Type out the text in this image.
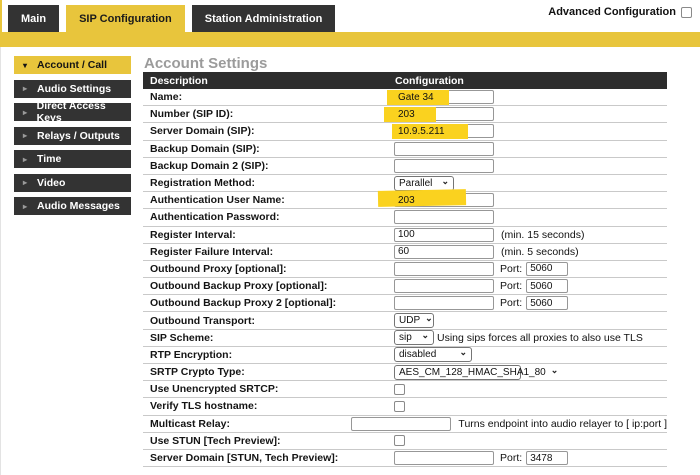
Main	SIP Configuration	Station Administration
Advanced Configuration
▾ Account / Call
▸ Audio Settings
▸ Direct Access Keys
▸ Relays / Outputs
▸ Time
▸ Video
▸ Audio Messages
Account Settings
Description	Configuration
Name:	Gate 34
Number (SIP ID):	203
Server Domain (SIP):	10.9.5.211
Backup Domain (SIP):
Backup Domain 2 (SIP):
Registration Method:	Parallel ⌄
Authentication User Name:	203
Authentication Password:
Register Interval:	100	(min. 15 seconds)
Register Failure Interval:	60	(min. 5 seconds)
Outbound Proxy [optional]:	Port: 5060
Outbound Backup Proxy [optional]:	Port: 5060
Outbound Backup Proxy 2 [optional]:	Port: 5060
Outbound Transport:	UDP ⌄
SIP Scheme:	sip ⌄ Using sips forces all proxies to also use TLS
RTP Encryption:	disabled	⌄
SRTP Crypto Type:	AES_CM_128_HMAC_SHA1_80 ⌄
Use Unencrypted SRTCP:
Verify TLS hostname:
Multicast Relay:	Turns endpoint into audio relayer to [ ip:port ]
Use STUN [Tech Preview]:
Server Domain [STUN, Tech Preview]:	Port: 3478
